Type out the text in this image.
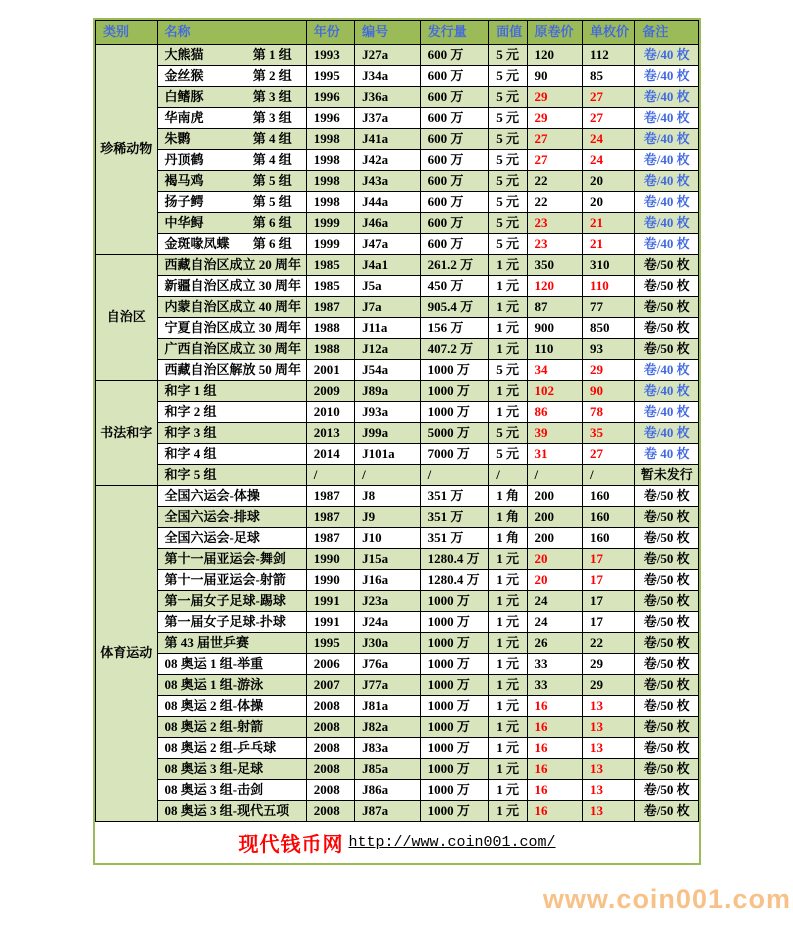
类别	名称	年份	编号	发行量	面值	原卷价	单枚价	备注
珍稀动物	大熊猫 第 1 组	1993	J27a	600 万	5 元	120	112	卷/40 枚

	金丝猴 第 2 组	1995	J34a	600 万	5 元	90	85	卷/40 枚

	白鳍豚 第 3 组	1996	J36a	600 万	5 元	29	27	卷/40 枚

	华南虎 第 3 组	1996	J37a	600 万	5 元	29	27	卷/40 枚

	朱鹮 第 4 组	1998	J41a	600 万	5 元	27	24	卷/40 枚

	丹顶鹤 第 4 组	1998	J42a	600 万	5 元	27	24	卷/40 枚

	褐马鸡 第 5 组	1998	J43a	600 万	5 元	22	20	卷/40 枚

	扬子鳄 第 5 组	1998	J44a	600 万	5 元	22	20	卷/40 枚

	中华鲟 第 6 组	1999	J46a	600 万	5 元	23	21	卷/40 枚

	金斑喙凤蝶 第 6 组	1999	J47a	600 万	5 元	23	21	卷/40 枚
自治区	西藏自治区成立 20 周年	1985	J4a1	261.2 万	1 元	350	310	卷/50 枚
	新疆自治区成立 30 周年	1985	J5a	450 万	1 元	120	110	卷/50 枚
	内蒙自治区成立 40 周年	1987	J7a	905.4 万	1 元	87	77	卷/50 枚
	宁夏自治区成立 30 周年	1988	J11a	156 万	1 元	900	850	卷/50 枚
	广西自治区成立 30 周年	1988	J12a	407.2 万	1 元	110	93	卷/50 枚
	西藏自治区解放 50 周年	2001	J54a	1000 万	5 元	34	29	卷/40 枚
书法和字	和字 1 组	2009	J89a	1000 万	1 元	102	90	卷/40 枚
	和字 2 组	2010	J93a	1000 万	1 元	86	78	卷/40 枚
	和字 3 组	2013	J99a	5000 万	5 元	39	35	卷/40 枚
	和字 4 组	2014	J101a	7000 万	5 元	31	27	卷 40 枚
	和字 5 组	/	/	/	/	/	/	暂未发行
体育运动	全国六运会-体操	1987	J8	351 万	1 角	200	160	卷/50 枚
	全国六运会-排球	1987	J9	351 万	1 角	200	160	卷/50 枚
	全国六运会-足球	1987	J10	351 万	1 角	200	160	卷/50 枚
	第十一届亚运会-舞剑	1990	J15a	1280.4 万	1 元	20	17	卷/50 枚
	第十一届亚运会-射箭	1990	J16a	1280.4 万	1 元	20	17	卷/50 枚
	第一届女子足球-踢球	1991	J23a	1000 万	1 元	24	17	卷/50 枚
	第一届女子足球-扑球	1991	J24a	1000 万	1 元	24	17	卷/50 枚
	第 43 届世乒赛	1995	J30a	1000 万	1 元	26	22	卷/50 枚
	08 奥运 1 组-举重	2006	J76a	1000 万	1 元	33	29	卷/50 枚
	08 奥运 1 组-游泳	2007	J77a	1000 万	1 元	33	29	卷/50 枚
	08 奥运 2 组-体操	2008	J81a	1000 万	1 元	16	13	卷/50 枚
	08 奥运 2 组-射箭	2008	J82a	1000 万	1 元	16	13	卷/50 枚
	08 奥运 2 组-乒乓球	2008	J83a	1000 万	1 元	16	13	卷/50 枚
	08 奥运 3 组-足球	2008	J85a	1000 万	1 元	16	13	卷/50 枚
	08 奥运 3 组-击剑	2008	J86a	1000 万	1 元	16	13	卷/50 枚
	08 奥运 3 组-现代五项	2008	J87a	1000 万	1 元	16	13	卷/50 枚
现代钱币网 http://www.coin001.com/
www.coin001.com
